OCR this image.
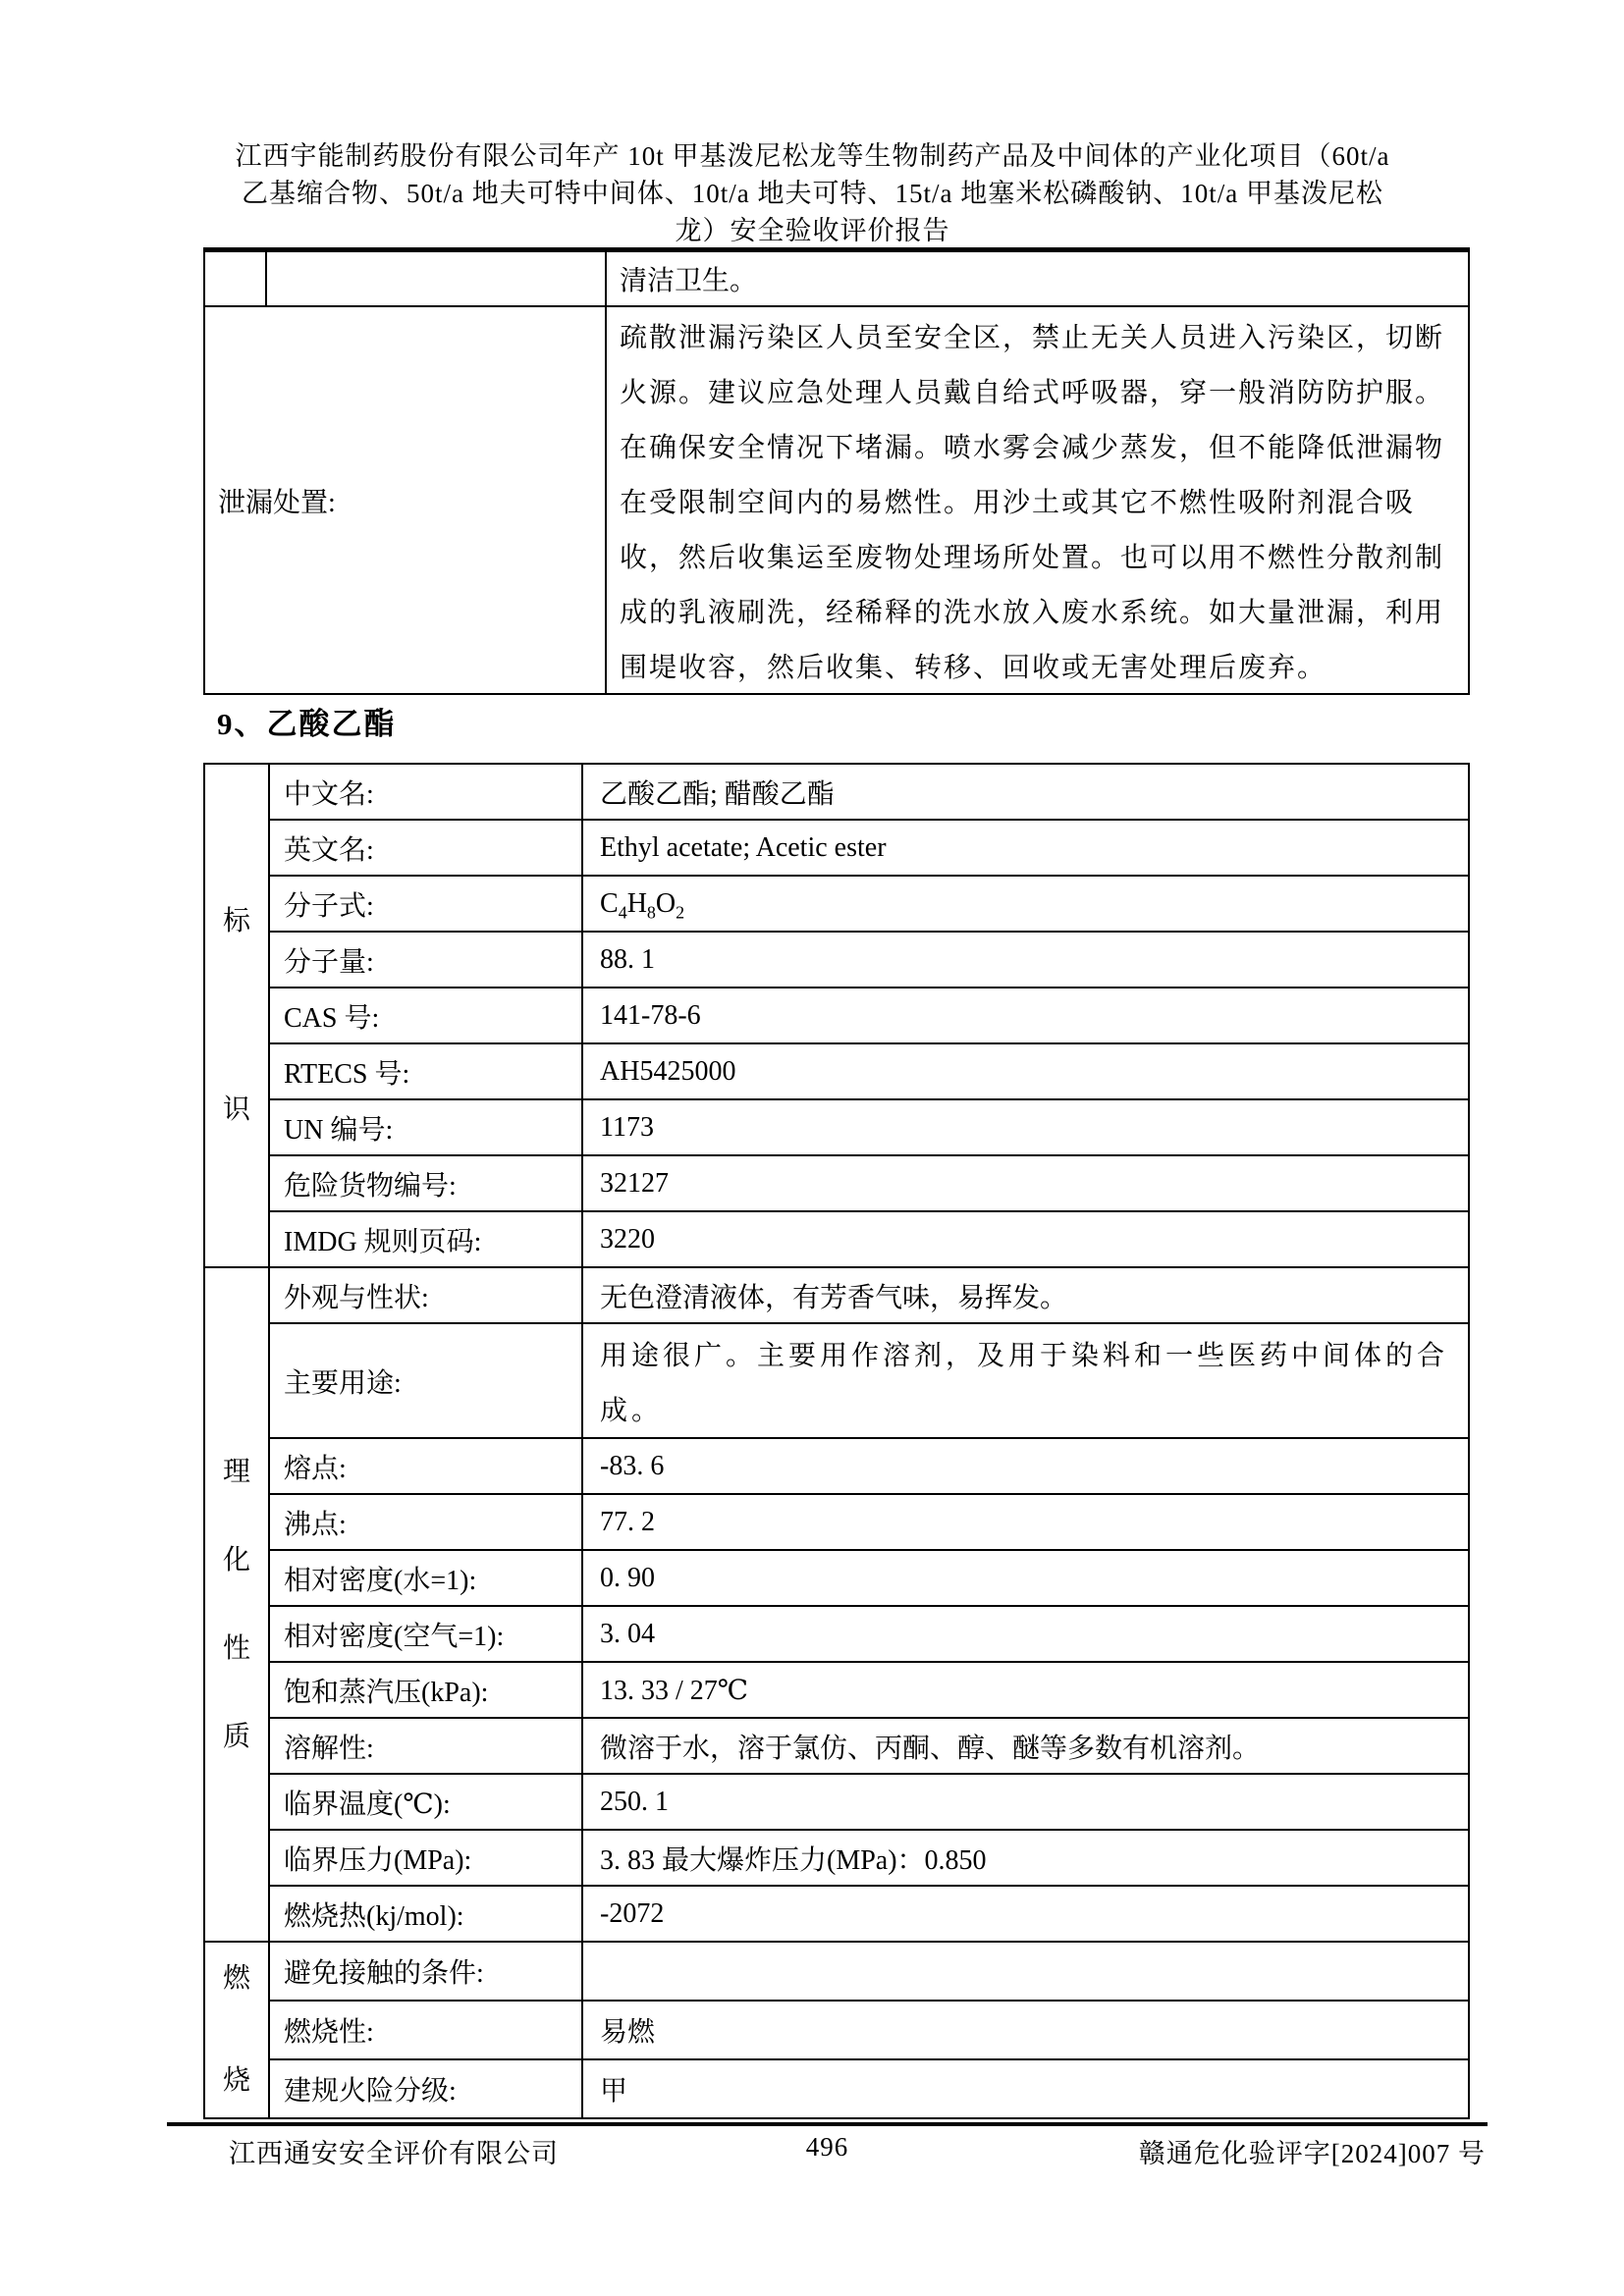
江西宇能制药股份有限公司年产 10t 甲基泼尼松龙等生物制药产品及中间体的产业化项目（60t/a
乙基缩合物、50t/a 地夫可特中间体、10t/a 地夫可特、15t/a 地塞米松磷酸钠、10t/a 甲基泼尼松
龙）安全验收评价报告
		清洁卫生。
泄漏处置:	
疏散泄漏污染区人员至安全区，禁止无关人员进入污染区，切断
火源。建议应急处理人员戴自给式呼吸器，穿一般消防防护服。
在确保安全情况下堵漏。喷水雾会减少蒸发，但不能降低泄漏物
在受限制空间内的易燃性。用沙土或其它不燃性吸附剂混合吸
收，然后收集运至废物处理场所处置。也可以用不燃性分散剂制
成的乳液刷洗，经稀释的洗水放入废水系统。如大量泄漏，利用
围堤收容，然后收集、转移、回收或无害处理后废弃。
9、乙酸乙酯
标
识	中文名:	乙酸乙酯; 醋酸乙酯
	英文名:	Ethyl acetate; Acetic ester
	分子式:	$C_4H_8O_2$
	分子量:	88. 1
	CAS 号:	141-78-6
	RTECS 号:	AH5425000
	UN 编号:	1173
	危险货物编号:	32127
	IMDG 规则页码:	3220

理
化
性
质	外观与性状:	无色澄清液体，有芳香气味，易挥发。
	主要用途:	用途很广。主要用作溶剂，及用于染料和一些医药中间体的合
成。

	熔点:	-83. 6
	沸点:	77. 2
	相对密度(水=1):	0. 90
	相对密度(空气=1):	3. 04
	饱和蒸汽压(kPa):	13. 33 / 27℃
	溶解性:	微溶于水，溶于氯仿、丙酮、醇、醚等多数有机溶剂。
	临界温度(℃):	250. 1
	临界压力(MPa):	3. 83 最大爆炸压力(MPa)：0.850
	燃烧热(kj/mol):	-2072

燃
烧	避免接触的条件:	
	燃烧性:	易燃
	建规火险分级:	甲
江西通安安全评价有限公司	496	赣通危化验评字[2024]007 号
